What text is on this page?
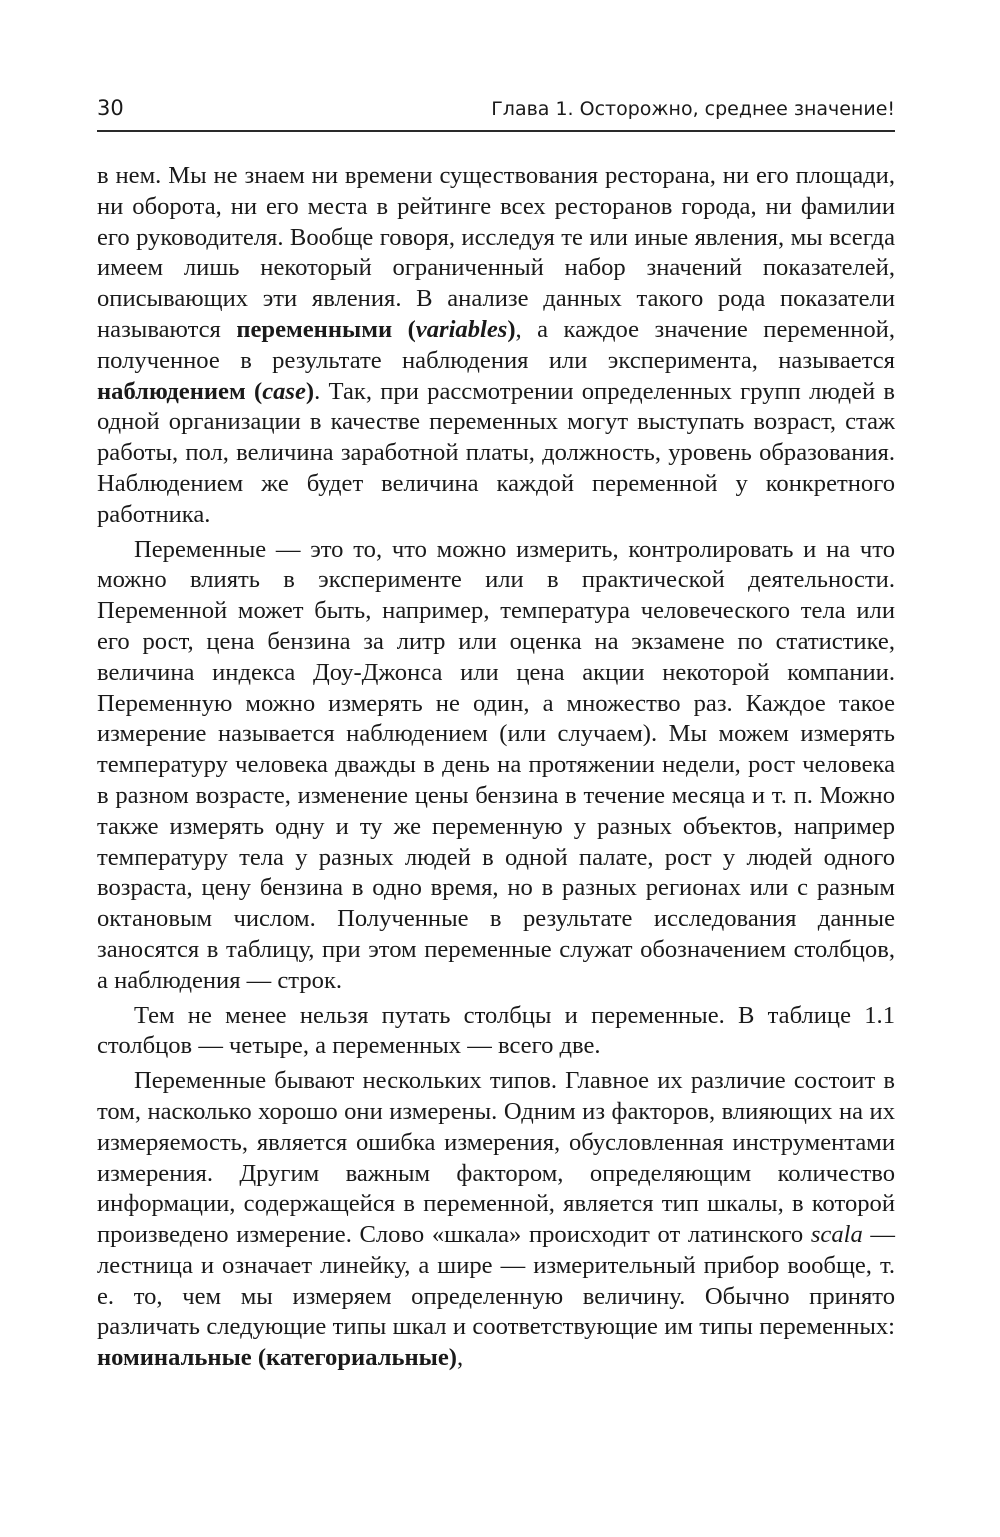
30	Глава 1. Осторожно, среднее значение!

в нем. Мы не знаем ни времени существования ресторана, ни его площади, ни оборота, ни его места в рейтинге всех ресторанов города, ни фамилии его руководителя. Вообще говоря, исследуя те или иные явления, мы всегда имеем лишь некоторый ограниченный набор значений показателей, описывающих эти явления. В анализе данных такого рода показатели называются переменными (variables), а каждое значение переменной, полученное в результате наблюдения или эксперимента, называется наблюдением (case). Так, при рассмотрении определенных групп людей в одной организации в качестве переменных могут выступать возраст, стаж работы, пол, величина заработной платы, должность, уровень образования. Наблюдением же будет величина каждой переменной у конкретного работника.

Переменные — это то, что можно измерить, контролировать и на что можно влиять в эксперименте или в практической деятельности. Переменной может быть, например, температура человеческого тела или его рост, цена бензина за литр или оценка на экзамене по статистике, величина индекса Доу-Джонса или цена акции некоторой компании. Переменную можно измерять не один, а множество раз. Каждое такое измерение называется наблюдением (или случаем). Мы можем измерять температуру человека дважды в день на протяжении недели, рост человека в разном возрасте, изменение цены бензина в течение месяца и т. п. Можно также измерять одну и ту же переменную у разных объектов, например температуру тела у разных людей в одной палате, рост у людей одного возраста, цену бензина в одно время, но в разных регионах или с разным октановым числом. Полученные в результате исследования данные заносятся в таблицу, при этом переменные служат обозначением столбцов, а наблюдения — строк.

Тем не менее нельзя путать столбцы и переменные. В таблице 1.1 столбцов — четыре, а переменных — всего две.

Переменные бывают нескольких типов. Главное их различие состоит в том, насколько хорошо они измерены. Одним из факторов, влияющих на их измеряемость, является ошибка измерения, обусловленная инструментами измерения. Другим важным фактором, определяющим количество информации, содержащейся в переменной, является тип шкалы, в которой произведено измерение. Слово «шкала» происходит от латинского scala — лестница и означает линейку, а шире — измерительный прибор вообще, т. е. то, чем мы измеряем определенную величину. Обычно принято различать следующие типы шкал и соответствующие им типы переменных: номинальные (категориальные),
